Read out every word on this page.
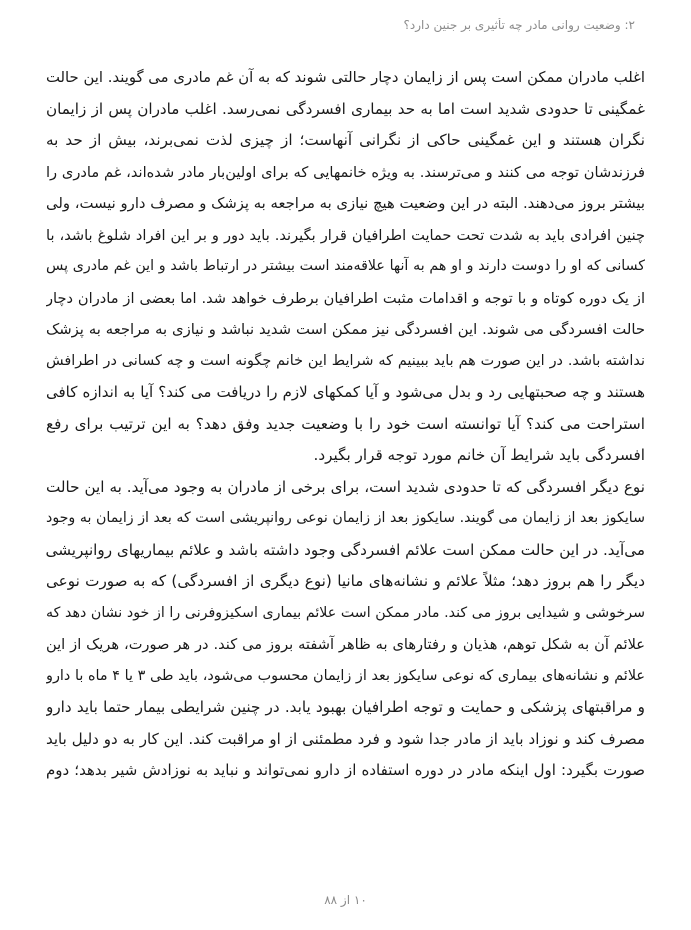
۲: وضعیت روانی مادر چه تأثیری بر جنین دارد؟
اغلب مادران ممکن است پس از زایمان دچار حالتی شوند که به آن غم مادری می گویند. این حالت
غمگینی تا حدودی شدید است اما به حد بیماری افسردگی نمی‌رسد. اغلب مادران پس از زایمان
نگران هستند و این غمگینی حاکی از نگرانی آنهاست؛ از چیزی لذت نمی‌برند، بیش از حد به
فرزندشان توجه می کنند و می‌ترسند. به ویژه خانمهایی که برای اولین‌بار مادر شده‌اند، غم مادری را
بیشتر بروز می‌دهند. البته در این وضعیت هیچ نیازی به مراجعه به پزشک و مصرف دارو نیست، ولی
چنین افرادی باید به شدت تحت حمایت اطرافیان قرار بگیرند. باید دور و بر این افراد شلوغ باشد، با
کسانی که او را دوست دارند و او هم به آنها علاقه‌مند است بیشتر در ارتباط باشد و این غم مادری پس
از یک دوره کوتاه و با توجه و اقدامات مثبت اطرافیان برطرف خواهد شد. اما بعضی از مادران دچار
حالت افسردگی می شوند. این افسردگی نیز ممکن است شدید نباشد و نیازی به مراجعه به پزشک
نداشته باشد. در این صورت هم باید ببینیم که شرایط این خانم چگونه است و چه کسانی در اطرافش
هستند و چه صحبتهایی رد و بدل می‌شود و آیا کمکهای لازم را دریافت می کند؟ آیا به اندازه کافی
استراحت می کند؟ آیا توانسته است خود را با وضعیت جدید وفق دهد؟ به این ترتیب برای رفع
افسردگی باید شرایط آن خانم مورد توجه قرار بگیرد.
نوع دیگر افسردگی که تا حدودی شدید است، برای برخی از مادران به وجود می‌آید. به این حالت
سایکوز بعد از زایمان می گویند. سایکوز بعد از زایمان نوعی روانپریشی است که بعد از زایمان به وجود
می‌آید. در این حالت ممکن است علائم افسردگی وجود داشته باشد و علائم بیماریهای روانپریشی
دیگر را هم بروز دهد؛ مثلاً علائم و نشانه‌های مانیا (نوع دیگری از افسردگی) که به صورت نوعی
سرخوشی و شیدایی بروز می کند. مادر ممکن است علائم بیماری اسکیزوفرنی را از خود نشان دهد که
علائم آن به شکل توهم، هذیان و رفتارهای به ظاهر آشفته بروز می کند. در هر صورت، هریک از این
علائم و نشانه‌های بیماری که نوعی سایکوز بعد از زایمان محسوب می‌شود، باید طی ۳ یا ۴ ماه با دارو
و مراقبتهای پزشکی و حمایت و توجه اطرافیان بهبود یابد. در چنین شرایطی بیمار حتما باید دارو
مصرف کند و نوزاد باید از مادر جدا شود و فرد مطمئنی از او مراقبت کند. این کار به دو دلیل باید
صورت بگیرد: اول اینکه مادر در دوره استفاده از دارو نمی‌تواند و نباید به نوزادش شیر بدهد؛ دوم
۱۰ از ۸۸
